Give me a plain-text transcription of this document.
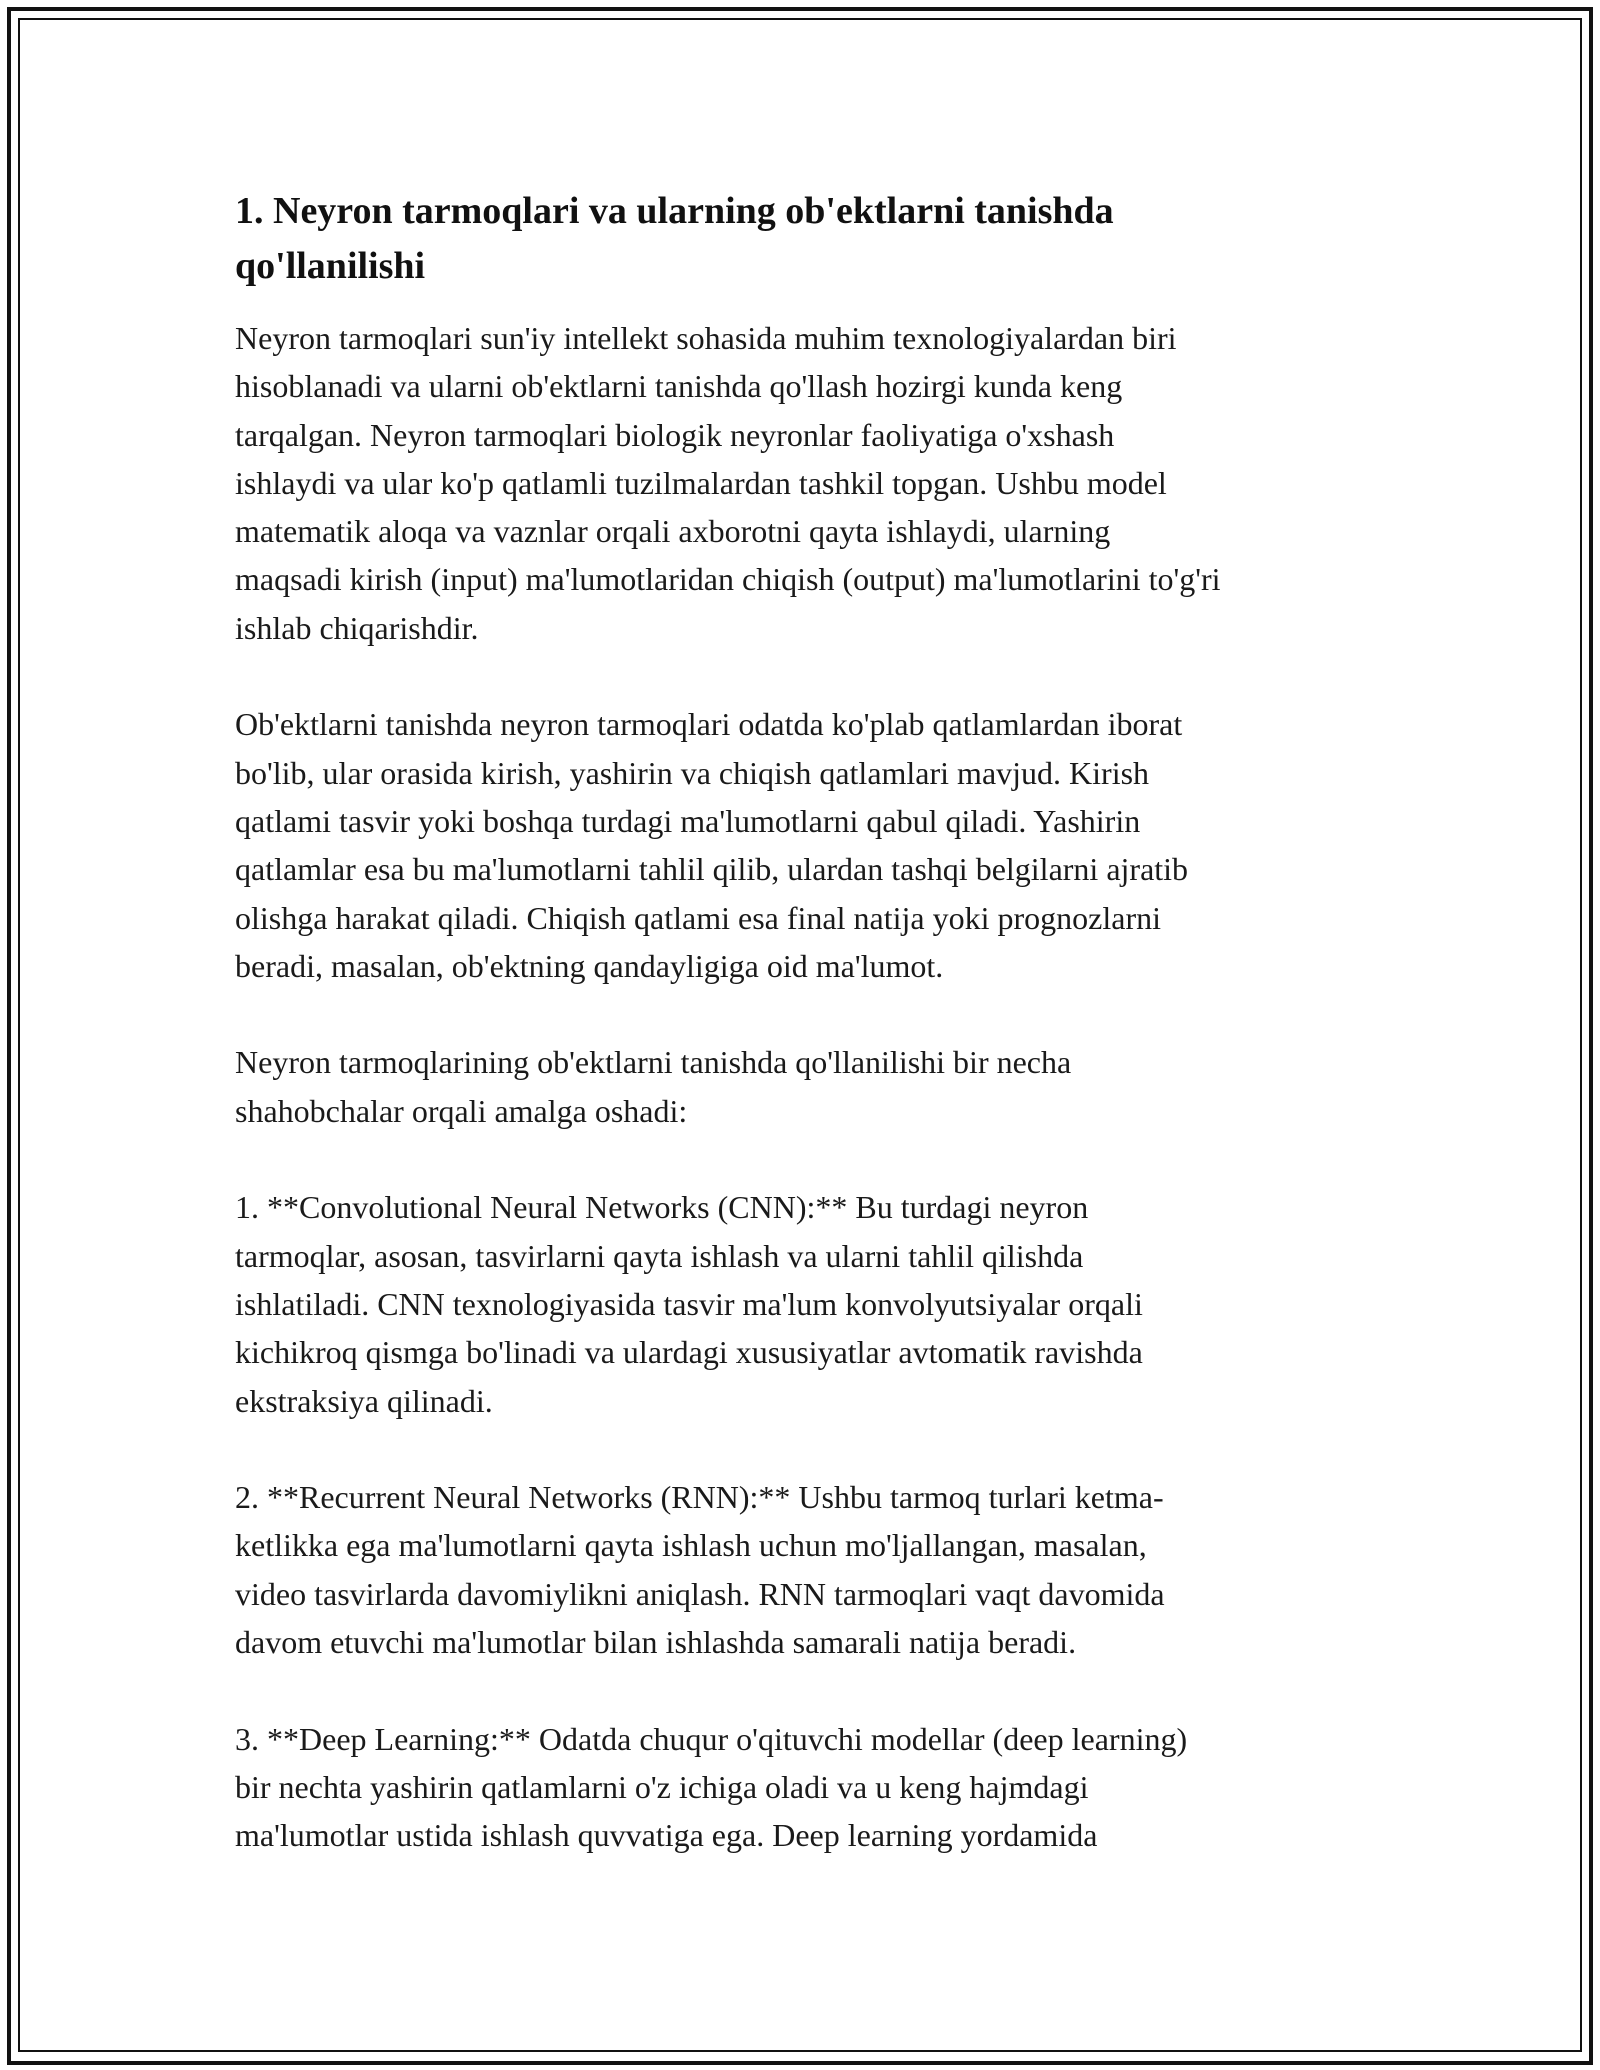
1. Neyron tarmoqlari va ularning ob'ektlarni tanishda
qo'llanilishi

Neyron tarmoqlari sun'iy intellekt sohasida muhim texnologiyalardan biri
hisoblanadi va ularni ob'ektlarni tanishda qo'llash hozirgi kunda keng
tarqalgan. Neyron tarmoqlari biologik neyronlar faoliyatiga o'xshash
ishlaydi va ular ko'p qatlamli tuzilmalardan tashkil topgan. Ushbu model
matematik aloqa va vaznlar orqali axborotni qayta ishlaydi, ularning
maqsadi kirish (input) ma'lumotlaridan chiqish (output) ma'lumotlarini to'g'ri
ishlab chiqarishdir.

Ob'ektlarni tanishda neyron tarmoqlari odatda ko'plab qatlamlardan iborat
bo'lib, ular orasida kirish, yashirin va chiqish qatlamlari mavjud. Kirish
qatlami tasvir yoki boshqa turdagi ma'lumotlarni qabul qiladi. Yashirin
qatlamlar esa bu ma'lumotlarni tahlil qilib, ulardan tashqi belgilarni ajratib
olishga harakat qiladi. Chiqish qatlami esa final natija yoki prognozlarni
beradi, masalan, ob'ektning qandayligiga oid ma'lumot.

Neyron tarmoqlarining ob'ektlarni tanishda qo'llanilishi bir necha
shahobchalar orqali amalga oshadi:

1. **Convolutional Neural Networks (CNN):** Bu turdagi neyron
tarmoqlar, asosan, tasvirlarni qayta ishlash va ularni tahlil qilishda
ishlatiladi. CNN texnologiyasida tasvir ma'lum konvolyutsiyalar orqali
kichikroq qismga bo'linadi va ulardagi xususiyatlar avtomatik ravishda
ekstraksiya qilinadi.

2. **Recurrent Neural Networks (RNN):** Ushbu tarmoq turlari ketma-
ketlikka ega ma'lumotlarni qayta ishlash uchun mo'ljallangan, masalan,
video tasvirlarda davomiylikni aniqlash. RNN tarmoqlari vaqt davomida
davom etuvchi ma'lumotlar bilan ishlashda samarali natija beradi.

3. **Deep Learning:** Odatda chuqur o'qituvchi modellar (deep learning)
bir nechta yashirin qatlamlarni o'z ichiga oladi va u keng hajmdagi
ma'lumotlar ustida ishlash quvvatiga ega. Deep learning yordamida
